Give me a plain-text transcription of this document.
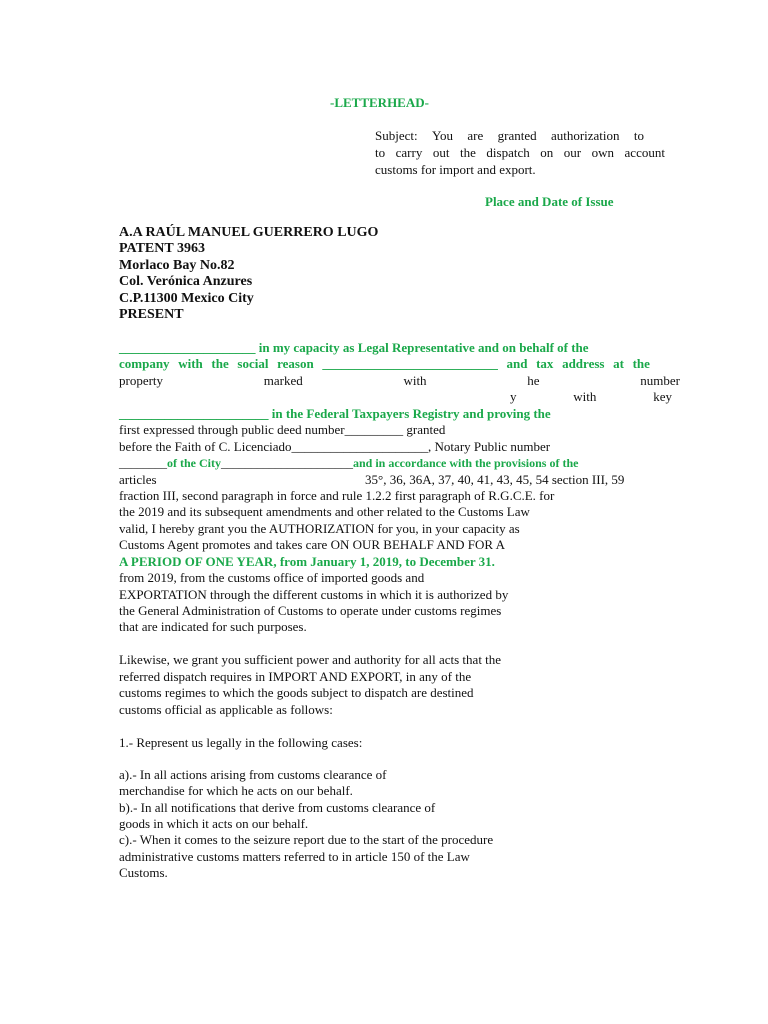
-LETTERHEAD-
Subject: You are granted authorization to
to carry out the dispatch on our own account
customs for import and export.
Place and Date of Issue
A.A RAÚL MANUEL GUERRERO LUGO
PATENT 3963
Morlaco Bay No.82
Col. Verónica Anzures
C.P.11300 Mexico City
PRESENT
_____________________ in my capacity as Legal Representative and on behalf of the
company with the social reason ___________________________ and tax address at the
property	marked	with	he	number
y	with	key
_______________________ in the Federal Taxpayers Registry and proving the
first expressed through public deed number_________ granted
before the Faith of C. Licenciado_____________________, Notary Public number
________of the City______________________and in accordance with the provisions of the
articles	35°, 36, 36A, 37, 40, 41, 43, 45, 54 section III, 59
fraction III, second paragraph in force and rule 1.2.2 first paragraph of R.G.C.E. for
the 2019 and its subsequent amendments and other related to the Customs Law
valid, I hereby grant you the AUTHORIZATION for you, in your capacity as
Customs Agent promotes and takes care ON OUR BEHALF AND FOR A
A PERIOD OF ONE YEAR, from January 1, 2019, to December 31.
from 2019, from the customs office of imported goods and
EXPORTATION through the different customs in which it is authorized by
the General Administration of Customs to operate under customs regimes
that are indicated for such purposes.
Likewise, we grant you sufficient power and authority for all acts that the
referred dispatch requires in IMPORT AND EXPORT, in any of the
customs regimes to which the goods subject to dispatch are destined
customs official as applicable as follows:
1.- Represent us legally in the following cases:
a).- In all actions arising from customs clearance of
merchandise for which he acts on our behalf.
b).- In all notifications that derive from customs clearance of
goods in which it acts on our behalf.
c).- When it comes to the seizure report due to the start of the procedure
administrative customs matters referred to in article 150 of the Law
Customs.
